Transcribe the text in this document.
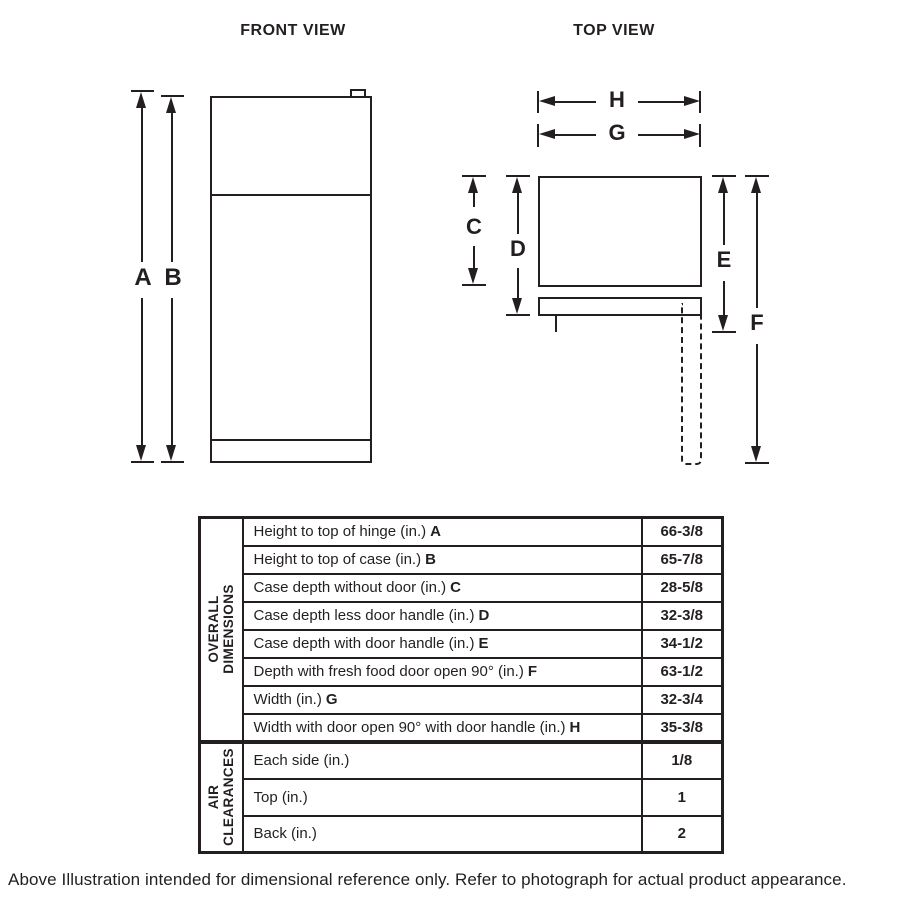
FRONT VIEW	TOP VIEW
A B
H
G
C
D	E
F
OVERALL DIMENSIONS	Height to top of hinge (in.) A	66-3/8
	Height to top of case (in.) B	65-7/8
	Case depth without door (in.) C	28-5/8
	Case depth less door handle (in.) D	32-3/8
	Case depth with door handle (in.) E	34-1/2
	Depth with fresh food door open 90° (in.) F	63-1/2
	Width (in.) G	32-3/4
	Width with door open 90° with door handle (in.) H	35-3/8

AIR CLEARANCES	Each side (in.)	1/8
	Top (in.)	1
	Back (in.)	2
Above Illustration intended for dimensional reference only. Refer to photograph for actual product appearance.
